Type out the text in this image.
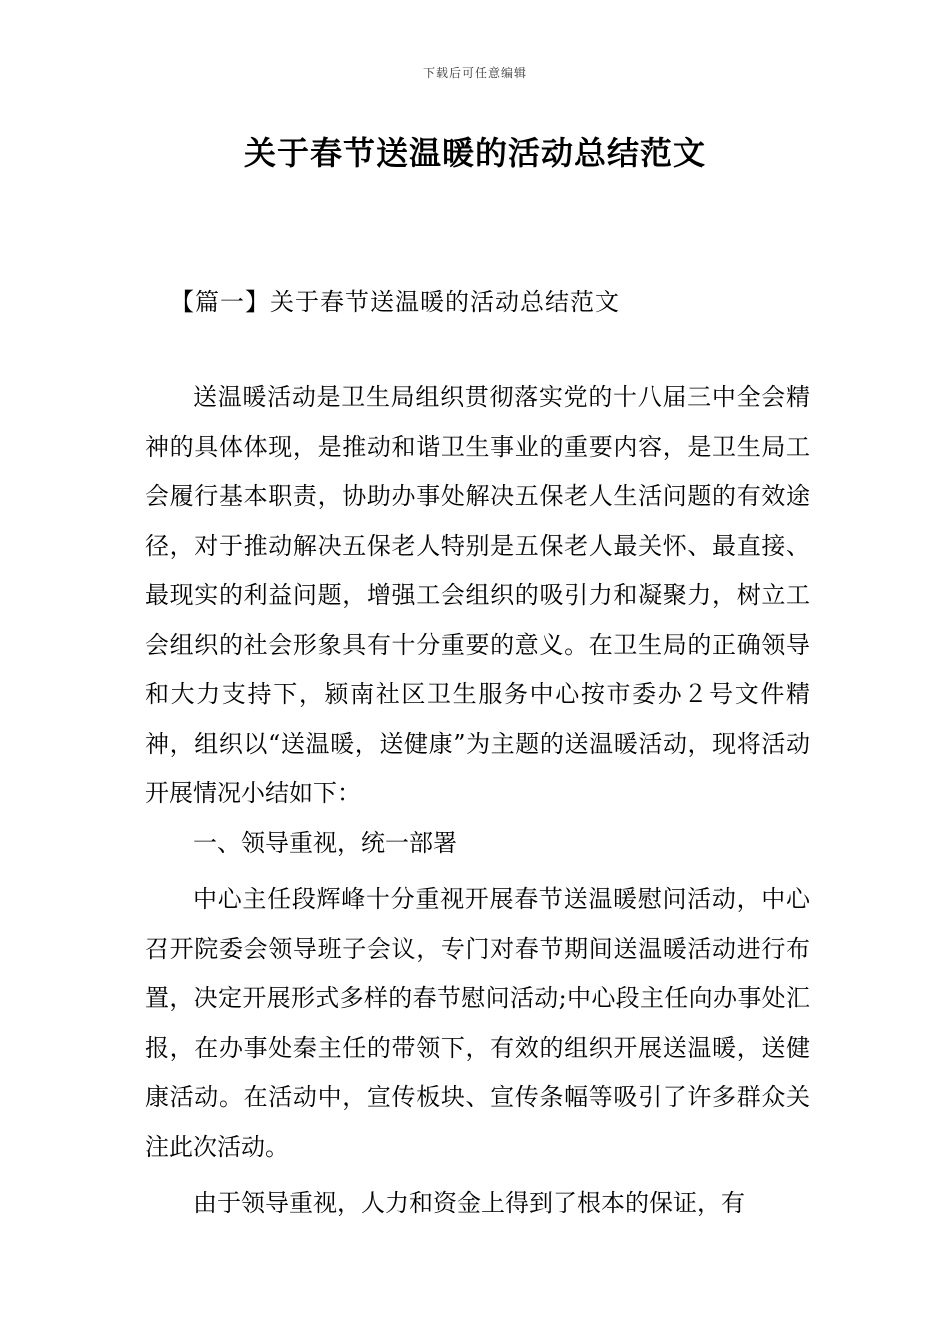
下载后可任意编辑
关于春节送温暖的活动总结范文
【篇一】关于春节送温暖的活动总结范文

送温暖活动是卫生局组织贯彻落实党的十八届三中全会精神的具体体现，是推动和谐卫生事业的重要内容，是卫生局工会履行基本职责，协助办事处解决五保老人生活问题的有效途径，对于推动解决五保老人特别是五保老人最关怀、最直接、最现实的利益问题，增强工会组织的吸引力和凝聚力，树立工会组织的社会形象具有十分重要的意义。在卫生局的正确领导和大力支持下，颍南社区卫生服务中心按市委办２号文件精神，组织以“送温暖，送健康”为主题的送温暖活动，现将活动开展情况小结如下：

一、领导重视，统一部署

中心主任段辉峰十分重视开展春节送温暖慰问活动，中心召开院委会领导班子会议，专门对春节期间送温暖活动进行布置，决定开展形式多样的春节慰问活动;中心段主任向办事处汇报，在办事处秦主任的带领下，有效的组织开展送温暖，送健康活动。在活动中，宣传板块、宣传条幅等吸引了许多群众关注此次活动。

由于领导重视，人力和资金上得到了根本的保证，有
